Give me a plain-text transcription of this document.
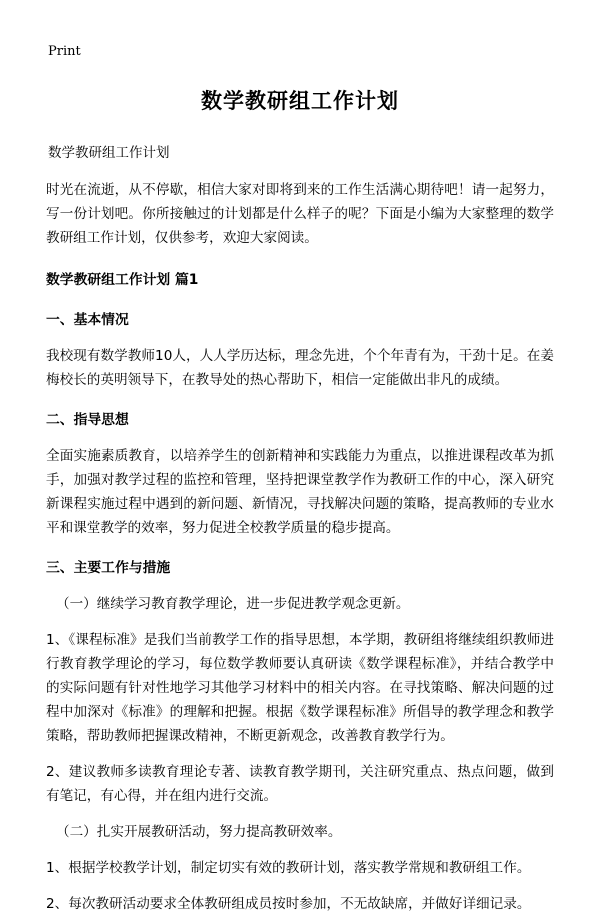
Print
数学教研组工作计划
数学教研组工作计划

时光在流逝，从不停歇，相信大家对即将到来的工作生活满心期待吧！请一起努力，写一份计划吧。你所接触过的计划都是什么样子的呢？下面是小编为大家整理的数学教研组工作计划，仅供参考，欢迎大家阅读。

数学教研组工作计划 篇1
一、基本情况

我校现有数学教师10人，人人学历达标，理念先进，个个年青有为，干劲十足。在姜梅校长的英明领导下，在教导处的热心帮助下，相信一定能做出非凡的成绩。

二、指导思想

全面实施素质教育，以培养学生的创新精神和实践能力为重点，以推进课程改革为抓手，加强对教学过程的监控和管理，坚持把课堂教学作为教研工作的中心，深入研究新课程实施过程中遇到的新问题、新情况，寻找解决问题的策略，提高教师的专业水平和课堂教学的效率，努力促进全校教学质量的稳步提高。

三、主要工作与措施

（一）继续学习教育教学理论，进一步促进教学观念更新。

1、《课程标准》是我们当前教学工作的指导思想，本学期，教研组将继续组织教师进行教育教学理论的学习，每位数学教师要认真研读《数学课程标准》，并结合教学中的实际问题有针对性地学习其他学习材料中的相关内容。在寻找策略、解决问题的过程中加深对《标准》的理解和把握。根据《数学课程标准》所倡导的教学理念和教学策略，帮助教师把握课改精神，不断更新观念，改善教育教学行为。

2、建议教师多读教育理论专著、读教育教学期刊，关注研究重点、热点问题，做到有笔记，有心得，并在组内进行交流。

（二）扎实开展教研活动，努力提高教研效率。

1、根据学校教学计划，制定切实有效的教研计划，落实教学常规和教研组工作。

2、每次教研活动要求全体教研组成员按时参加，不无故缺席，并做好详细记录。
